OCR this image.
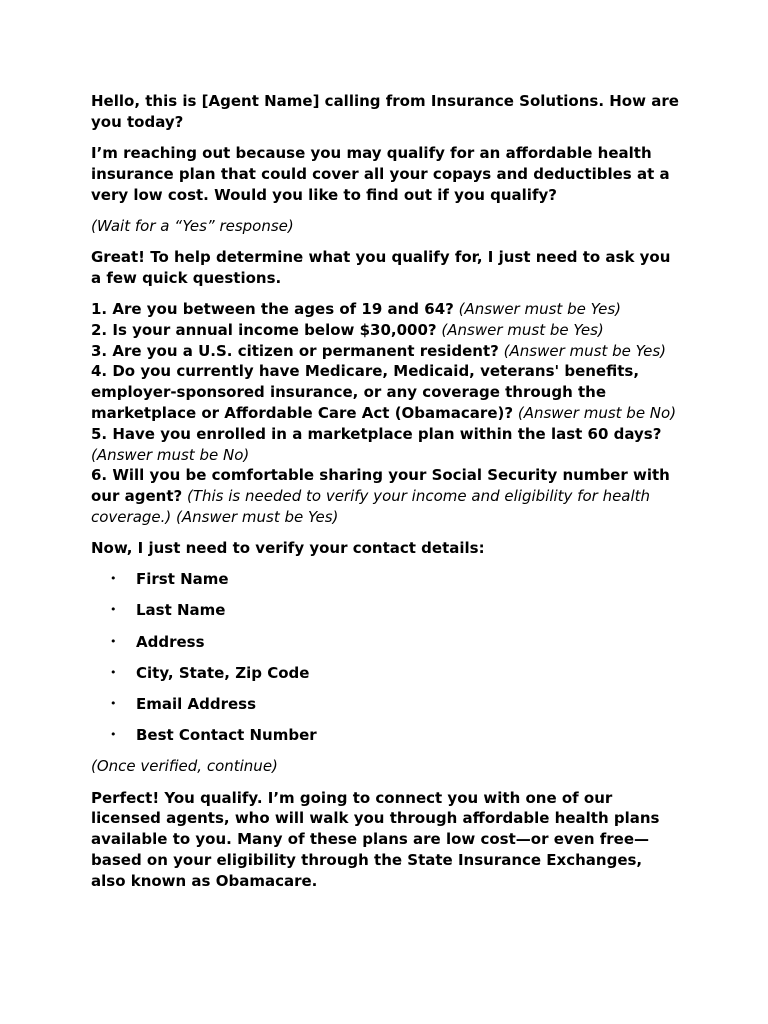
Hello, this is [Agent Name] calling from Insurance Solutions. How are you today?

I’m reaching out because you may qualify for an affordable health insurance plan that could cover all your copays and deductibles at a very low cost. Would you like to find out if you qualify?

(Wait for a “Yes” response)

Great! To help determine what you qualify for, I just need to ask you a few quick questions.

1. Are you between the ages of 19 and 64? (Answer must be Yes)

2. Is your annual income below $30,000? (Answer must be Yes)

3. Are you a U.S. citizen or permanent resident? (Answer must be Yes)

4. Do you currently have Medicare, Medicaid, veterans' benefits, employer-sponsored insurance, or any coverage through the marketplace or Affordable Care Act (Obamacare)? (Answer must be No)

5. Have you enrolled in a marketplace plan within the last 60 days? (Answer must be No)

6. Will you be comfortable sharing your Social Security number with our agent? (This is needed to verify your income and eligibility for health coverage.) (Answer must be Yes)

Now, I just need to verify your contact details:

• First Name
• Last Name
• Address
• City, State, Zip Code
• Email Address
• Best Contact Number

(Once verified, continue)

Perfect! You qualify. I’m going to connect you with one of our licensed agents, who will walk you through affordable health plans available to you. Many of these plans are low cost—or even free—based on your eligibility through the State Insurance Exchanges, also known as Obamacare.
